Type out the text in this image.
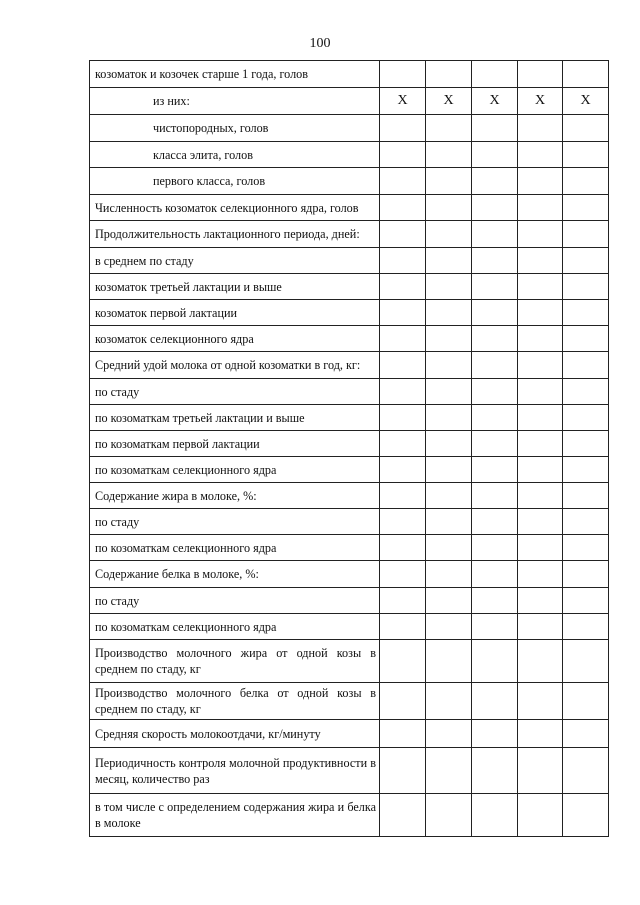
100
козоматок и козочек старше 1 года, голов					
из них:	Х	Х	Х	Х	Х
чистопородных, голов					
класса элита, голов					
первого класса, голов					
Численность козоматок селекционного ядра, голов					
Продолжительность лактационного периода, дней:					
в среднем по стаду					
козоматок третьей лактации и выше					
козоматок первой лактации					
козоматок селекционного ядра					
Средний удой молока от одной козоматки в год, кг:					
по стаду					
по козоматкам третьей лактации и выше					
по козоматкам первой лактации					
по козоматкам селекционного ядра					
Содержание жира в молоке, %:					
по стаду					
по козоматкам селекционного ядра					
Содержание белка в молоке, %:					
по стаду					
по козоматкам селекционного ядра					
Производство молочного жира от одной козы в среднем по стаду, кг					
Производство молочного белка от одной козы в среднем по стаду, кг					
Средняя скорость молокоотдачи, кг/минуту					
Периодичность контроля молочной продуктивности в месяц, количество раз					
в том числе с определением содержания жира и белка в молоке					
